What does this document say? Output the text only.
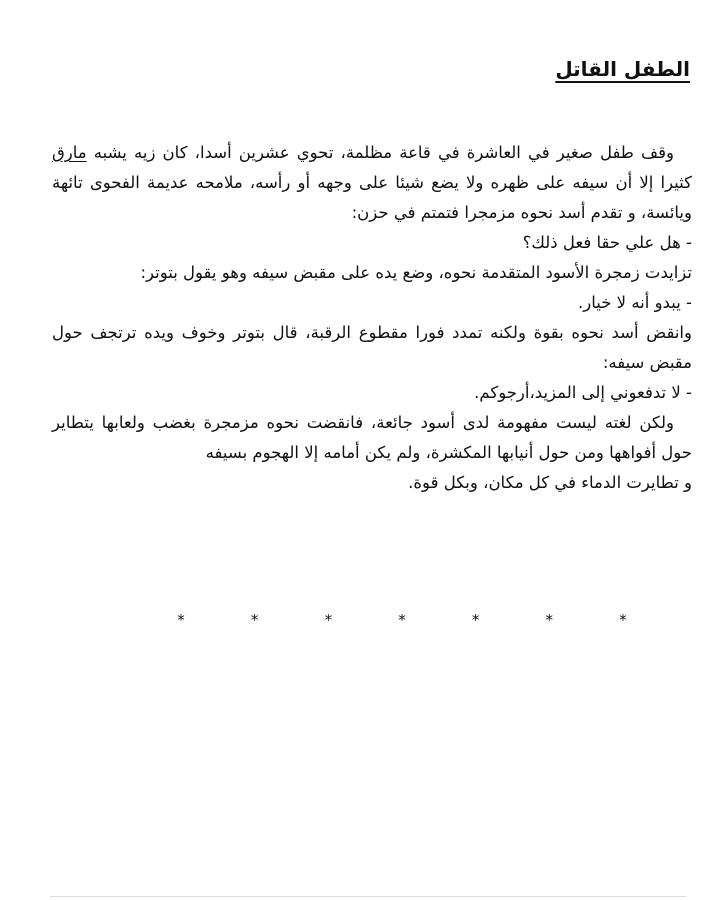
الطفل القاتل

وقف طفل صغير في العاشرة في قاعة مظلمة، تحوي عشرين أسدا، كان زيه يشبه مارق كثيرا إلا أن سيفه على ظهره ولا يضع شيئا على وجهه أو رأسه، ملامحه عديمة الفحوى تائهة ويائسة، و تقدم أسد نحوه مزمجرا فتمتم في حزن:

- هل علي حقا فعل ذلك؟

تزايدت زمجرة الأسود المتقدمة نحوه، وضع يده على مقبض سيفه وهو يقول بتوتر:

- يبدو أنه لا خيار.

وانقض أسد نحوه بقوة ولكنه تمدد فورا مقطوع الرقبة، قال بتوتر وخوف ويده ترتجف حول مقبض سيفه:

- لا تدفعوني إلى المزيد،أرجوكم.

ولكن لغته ليست مفهومة لدى أسود جائعة، فانقضت نحوه مزمجرة بغضب ولعابها يتطاير حول أفواهها ومن حول أنيابها المكشرة، ولم يكن أمامه إلا الهجوم بسيفه

و تطايرت الدماء في كل مكان، وبكل قوة.

*	*	*	*	*	*	*
